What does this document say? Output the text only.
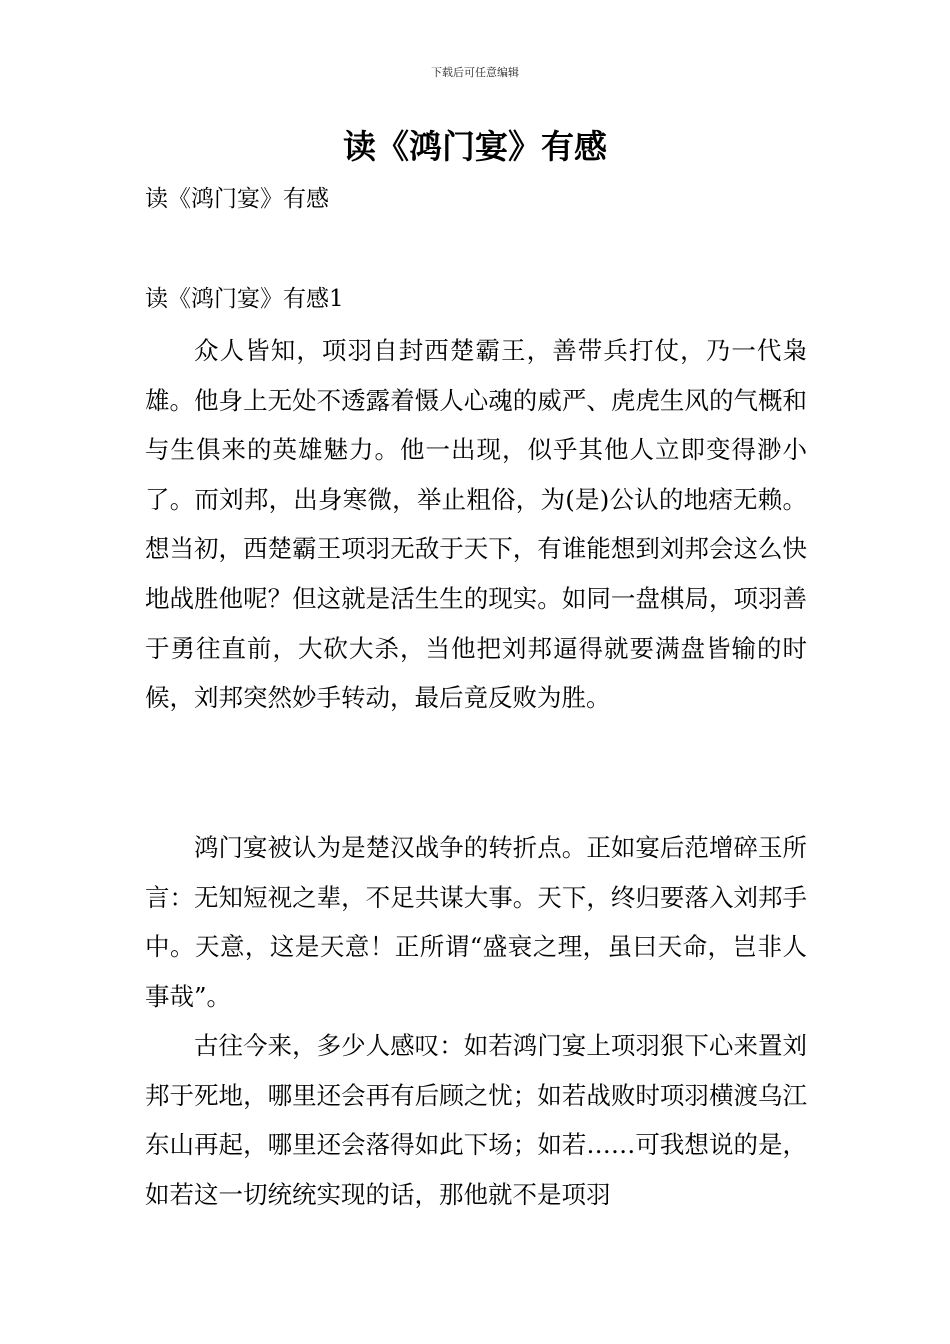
下载后可任意编辑
读《鸿门宴》有感
读《鸿门宴》有感
读《鸿门宴》有感1

众人皆知，项羽自封西楚霸王，善带兵打仗，乃一代枭雄。他身上无处不透露着慑人心魂的威严、虎虎生风的气概和与生俱来的英雄魅力。他一出现，似乎其他人立即变得渺小了。而刘邦，出身寒微，举止粗俗，为(是)公认的地痞无赖。想当初，西楚霸王项羽无敌于天下，有谁能想到刘邦会这么快地战胜他呢？但这就是活生生的现实。如同一盘棋局，项羽善于勇往直前，大砍大杀，当他把刘邦逼得就要满盘皆输的时候，刘邦突然妙手转动，最后竟反败为胜。

鸿门宴被认为是楚汉战争的转折点。正如宴后范增碎玉所言：无知短视之辈，不足共谋大事。天下，终归要落入刘邦手中。天意，这是天意！正所谓“盛衰之理，虽曰天命，岂非人事哉”。

古往今来，多少人感叹：如若鸿门宴上项羽狠下心来置刘邦于死地，哪里还会再有后顾之忧；如若战败时项羽横渡乌江东山再起，哪里还会落得如此下场；如若……可我想说的是，如若这一切统统实现的话，那他就不是项羽
